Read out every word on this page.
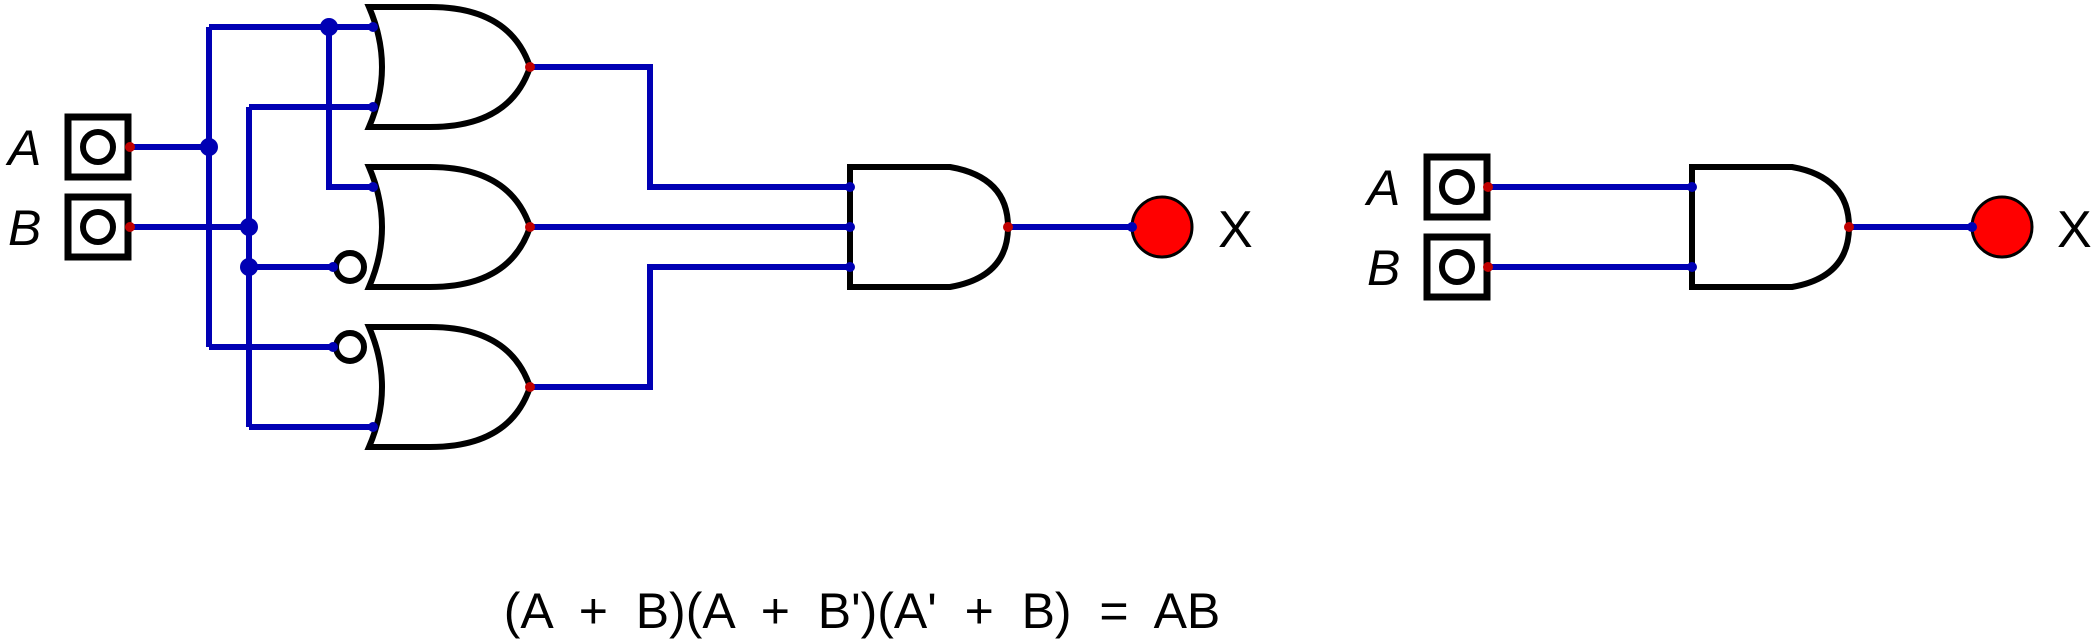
A
B	X
A
B
X
(A  +  B)(A  +  B')(A'  +  B)  =  AB
